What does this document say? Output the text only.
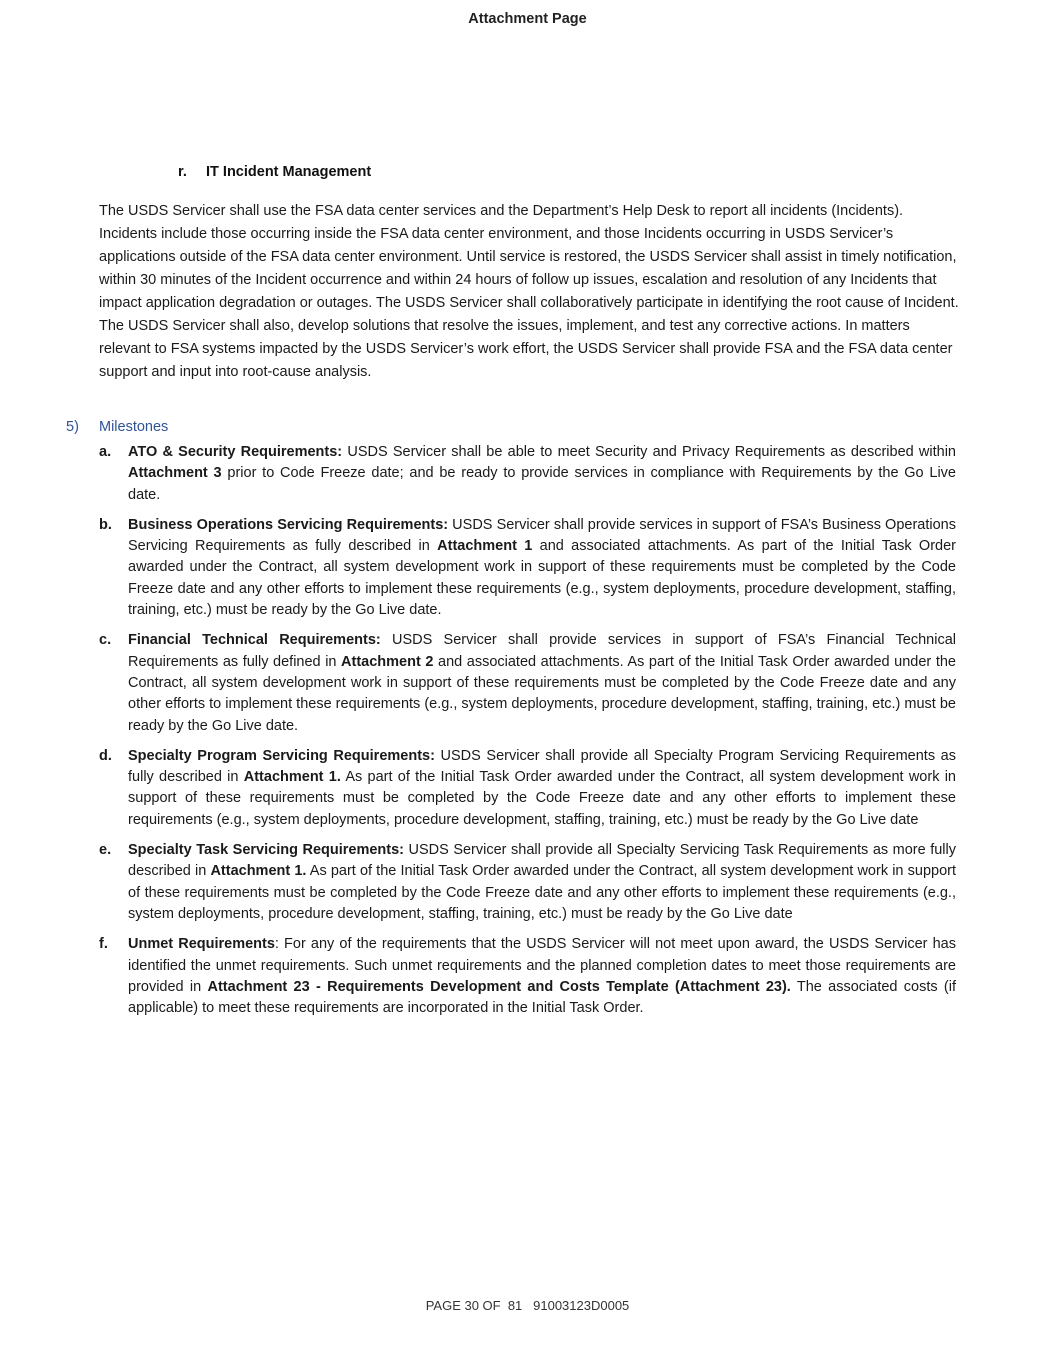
Attachment Page
r. IT Incident Management
The USDS Servicer shall use the FSA data center services and the Department’s Help Desk to report all incidents (Incidents). Incidents include those occurring inside the FSA data center environment, and those Incidents occurring in USDS Servicer’s applications outside of the FSA data center environment. Until service is restored, the USDS Servicer shall assist in timely notification, within 30 minutes of the Incident occurrence and within 24 hours of follow up issues, escalation and resolution of any Incidents that impact application degradation or outages. The USDS Servicer shall collaboratively participate in identifying the root cause of Incident. The USDS Servicer shall also, develop solutions that resolve the issues, implement, and test any corrective actions. In matters relevant to FSA systems impacted by the USDS Servicer’s work effort, the USDS Servicer shall provide FSA and the FSA data center support and input into root-cause analysis.
5) Milestones
a. ATO & Security Requirements: USDS Servicer shall be able to meet Security and Privacy Requirements as described within Attachment 3 prior to Code Freeze date; and be ready to provide services in compliance with Requirements by the Go Live date.
b. Business Operations Servicing Requirements: USDS Servicer shall provide services in support of FSA’s Business Operations Servicing Requirements as fully described in Attachment 1 and associated attachments. As part of the Initial Task Order awarded under the Contract, all system development work in support of these requirements must be completed by the Code Freeze date and any other efforts to implement these requirements (e.g., system deployments, procedure development, staffing, training, etc.) must be ready by the Go Live date.
c. Financial Technical Requirements: USDS Servicer shall provide services in support of FSA’s Financial Technical Requirements as fully defined in Attachment 2 and associated attachments. As part of the Initial Task Order awarded under the Contract, all system development work in support of these requirements must be completed by the Code Freeze date and any other efforts to implement these requirements (e.g., system deployments, procedure development, staffing, training, etc.) must be ready by the Go Live date.
d. Specialty Program Servicing Requirements: USDS Servicer shall provide all Specialty Program Servicing Requirements as fully described in Attachment 1. As part of the Initial Task Order awarded under the Contract, all system development work in support of these requirements must be completed by the Code Freeze date and any other efforts to implement these requirements (e.g., system deployments, procedure development, staffing, training, etc.) must be ready by the Go Live date
e. Specialty Task Servicing Requirements: USDS Servicer shall provide all Specialty Servicing Task Requirements as more fully described in Attachment 1. As part of the Initial Task Order awarded under the Contract, all system development work in support of these requirements must be completed by the Code Freeze date and any other efforts to implement these requirements (e.g., system deployments, procedure development, staffing, training, etc.) must be ready by the Go Live date
f. Unmet Requirements: For any of the requirements that the USDS Servicer will not meet upon award, the USDS Servicer has identified the unmet requirements. Such unmet requirements and the planned completion dates to meet those requirements are provided in Attachment 23 - Requirements Development and Costs Template (Attachment 23). The associated costs (if applicable) to meet these requirements are incorporated in the Initial Task Order.
PAGE 30 OF  81 91003123D0005
